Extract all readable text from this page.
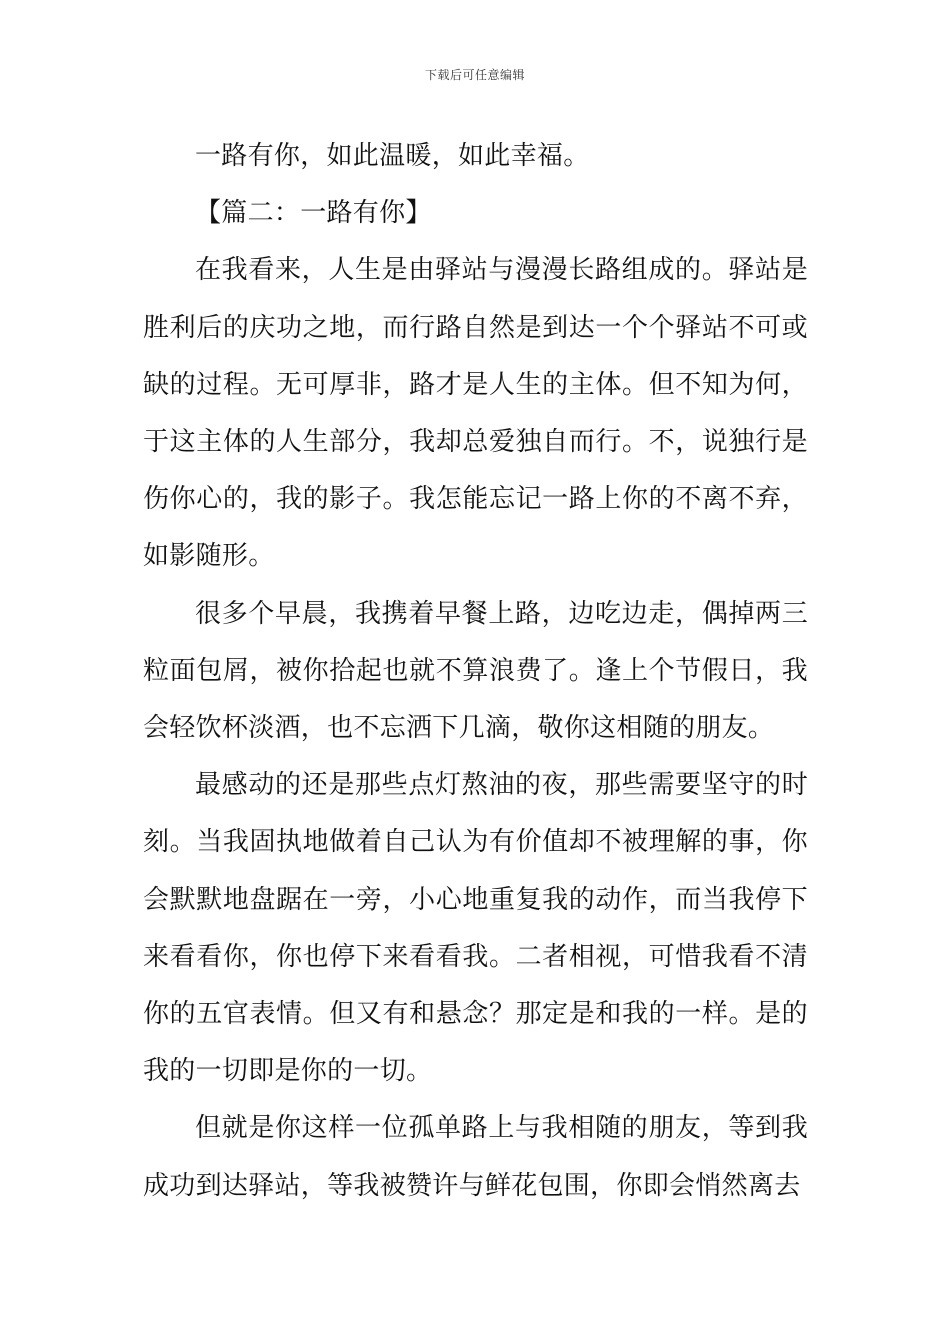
下载后可任意编辑

一路有你，如此温暖，如此幸福。

【篇二：一路有你】

在我看来，人生是由驿站与漫漫长路组成的。驿站是胜利后的庆功之地，而行路自然是到达一个个驿站不可或缺的过程。无可厚非，路才是人生的主体。但不知为何，于这主体的人生部分，我却总爱独自而行。不，说独行是伤你心的，我的影子。我怎能忘记一路上你的不离不弃，如影随形。

很多个早晨，我携着早餐上路，边吃边走，偶掉两三粒面包屑，被你拾起也就不算浪费了。逢上个节假日，我会轻饮杯淡酒，也不忘洒下几滴，敬你这相随的朋友。

最感动的还是那些点灯熬油的夜，那些需要坚守的时刻。当我固执地做着自己认为有价值却不被理解的事，你会默默地盘踞在一旁，小心地重复我的动作，而当我停下来看看你，你也停下来看看我。二者相视，可惜我看不清你的五官表情。但又有和悬念？那定是和我的一样。是的我的一切即是你的一切。

但就是你这样一位孤单路上与我相随的朋友，等到我成功到达驿站，等我被赞许与鲜花包围，你即会悄然离去
